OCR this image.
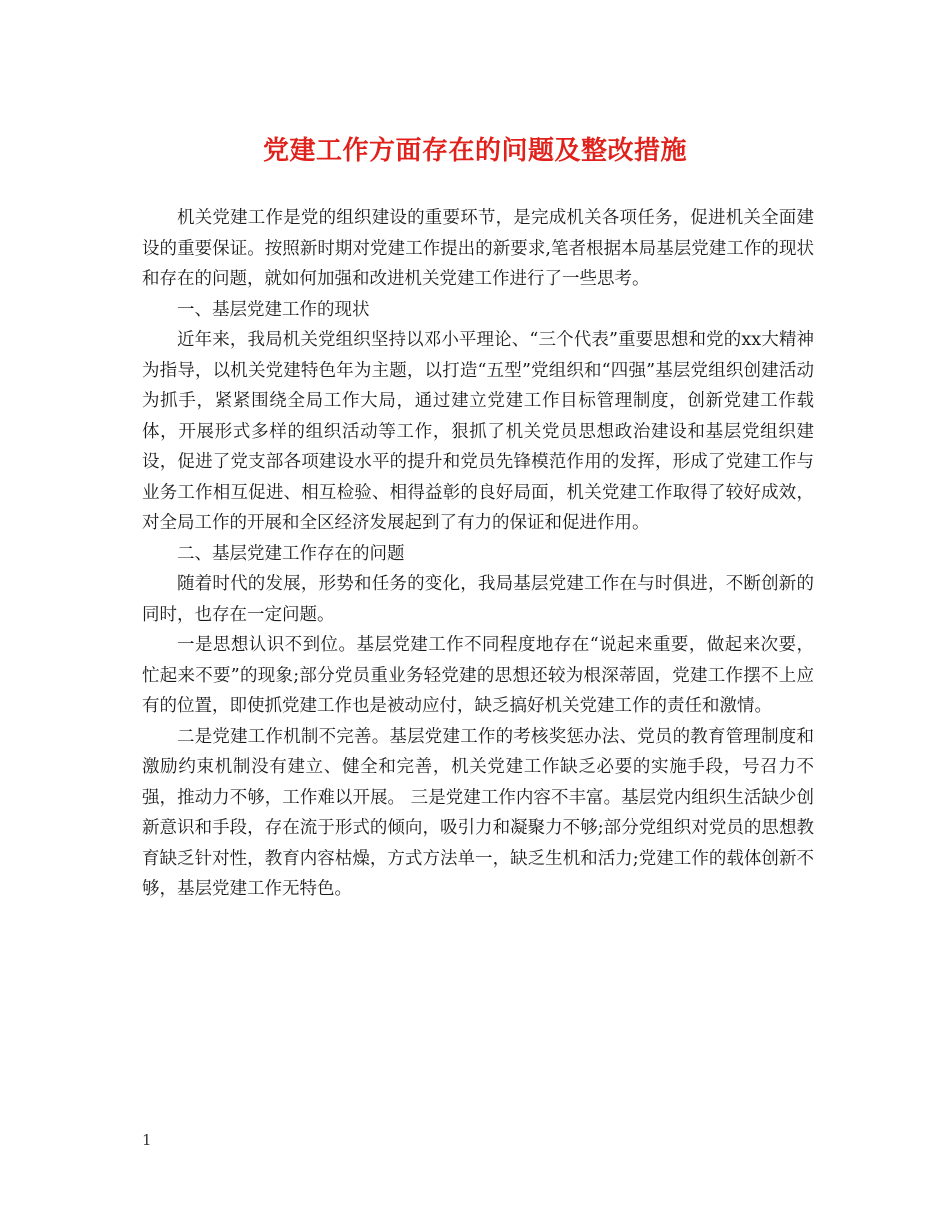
党建工作方面存在的问题及整改措施

机关党建工作是党的组织建设的重要环节，是完成机关各项任务，促进机关全面建设的重要保证。按照新时期对党建工作提出的新要求,笔者根据本局基层党建工作的现状和存在的问题，就如何加强和改进机关党建工作进行了一些思考。

一、基层党建工作的现状

近年来，我局机关党组织坚持以邓小平理论、“三个代表”重要思想和党的xx大精神为指导，以机关党建特色年为主题，以打造“五型”党组织和“四强”基层党组织创建活动为抓手，紧紧围绕全局工作大局，通过建立党建工作目标管理制度，创新党建工作载体，开展形式多样的组织活动等工作，狠抓了机关党员思想政治建设和基层党组织建设，促进了党支部各项建设水平的提升和党员先锋模范作用的发挥，形成了党建工作与业务工作相互促进、相互检验、相得益彰的良好局面，机关党建工作取得了较好成效，对全局工作的开展和全区经济发展起到了有力的保证和促进作用。

二、基层党建工作存在的问题

随着时代的发展，形势和任务的变化，我局基层党建工作在与时俱进，不断创新的同时，也存在一定问题。

一是思想认识不到位。基层党建工作不同程度地存在“说起来重要，做起来次要，忙起来不要”的现象;部分党员重业务轻党建的思想还较为根深蒂固，党建工作摆不上应有的位置，即使抓党建工作也是被动应付，缺乏搞好机关党建工作的责任和激情。

二是党建工作机制不完善。基层党建工作的考核奖惩办法、党员的教育管理制度和激励约束机制没有建立、健全和完善，机关党建工作缺乏必要的实施手段，号召力不强，推动力不够，工作难以开展。 三是党建工作内容不丰富。基层党内组织生活缺少创新意识和手段，存在流于形式的倾向，吸引力和凝聚力不够;部分党组织对党员的思想教育缺乏针对性，教育内容枯燥，方式方法单一，缺乏生机和活力;党建工作的载体创新不够，基层党建工作无特色。

1
